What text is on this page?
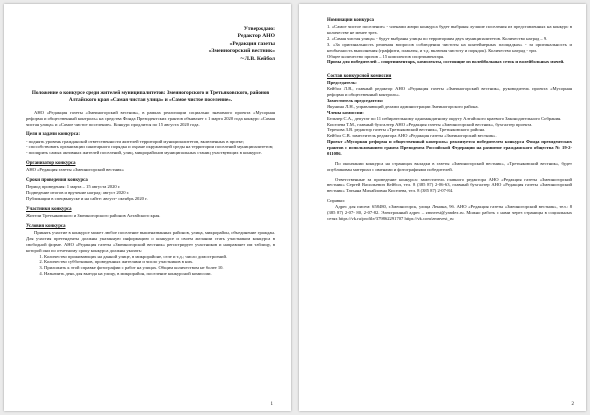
Утверждаю:
Редактор АНО
«Редакция газеты
«Змеиногорский вестник»
~Л.В. Кейбол
Положение о конкурсе среди жителей муниципалитетов: Змеиногорского и Третьяковского, районов Алтайского края «Самая чистая улица» и «Самое чистое поселение».

АНО «Редакция газеты «Змеиногорский вестник», в рамках реализации социально значимого проекта «Мусорная реформа и общественный контроль» на средства Фонда Президентских грантов объявляет с 1 марта 2020 года конкурс «Самая чистая улица» и «Самое чистое поселение». Конкурс продлится по 15 августа 2020 года.

Цели и задачи конкурса:

- поднять уровень гражданской ответственности жителей территорий муниципалитетов, включенных в проект;

- способствовать организации санитарного порядка и охране окружающей среды на территории поселений муниципалитетов;

- поощрить самых активных жителей поселений, улиц, микрорайонов муниципальных станиц участвующих в конкурсе.

Организатор конкурса

АНО «Редакция газеты «Змеиногорский вестник»

Сроки проведения конкурса

Период проведения: 1 марта – 15 августа 2020 г.

Подведение итогов и вручение наград: август 2020 г.

Публикации в спецвыпуске и на сайте: август- октябрь 2020 г.

Участники конкурса

Жители Третьяковского и Змеиногорского районов Алтайского края.

Условия конкурса

Принять участие в конкурсе может любое поселение вышеназванных районов, улица, микрорайон, объединение граждан. Для участия претенденты должны указанную информацию о конкурсе и своем желании стать участником конкурса в свободной форме. АНО «Редакция газеты «Змеиногорский вестник» регистрирует участников и направляет им таблицу, в которой они по отчетному сроку конкурса должны указать:

1. Количество проживающих на данной улице, в микрорайоне, селе и т.д.; число домостроений.
2. Количество субботников, проведенных жителями и число участников в них.
3. Приложить к этой справке фотографии с работ на улицах. Общим количеством не более 10.
4. Назначить день для выезда на улицу, в микрорайон, поселение конкурсной комиссии.
1
Номинации конкурса

1. «Самое чистое поселение» - членами жюри конкурса будет выбраны лучшие поселения из представленных на конкурс в количестве не менее трех.

2. «Самая чистая улица» - будут выбраны улицы по территориям двух муниципалитетов. Количество наград – 9.

3. «За оригинальность решения вопросов соблюдения чистоты на контейнерных площадках» - за оригинальность и необычность выполнения (граффити, плакаты, и т.д. включая чистоту и порядок). Количество наград - три.

Общее количество призов – 15 комплектов спортинвентаря.

Призы для победителей – спортинвентарь, комплекты, состоящие из волейбольных сеток и волейбольных мячей.

Состав конкурсной комиссии

Председатель:

Кейбол Л.В., главный редактор АНО «Редакция газеты «Змеиногорский вестник», руководитель проекта «Мусорная реформа и общественный контроль».

Заместитель председателя:

Якунина Л.Н., управляющий делами администрации Змеиногорского района.

Члены комиссии:

Бельчер С.А., депутат по 11 избирательному одномандатному округу Алтайского краевого Законодательного Собрания.

Киселева Т.М., главный бухгалтер АНО «Редакция газеты «Змеиногорский вестник», бухгалтер проекта.

Терехова З.В. редактор газеты «Третьяковский вестник», Третьяковского района.

Кейбол С.В. заместитель редактора АНО «Редакция газеты «Змеиногорский вестник».

Проект «Мусорная реформа и общественный контроль» реализуется победителем конкурса Фонда президентских грантов с использованием гранта Президента Российской Федерации на развитие гражданского общества № 19-2-011086.

По окончании конкурса на страницах вкладки в газеты «Змеиногорский вестник», «Третьяковский вестник», будет опубликован материал с именами и фотографиями победителей.

Ответственные за проведение конкурса: заместитель главного редактора АНО «Редакция газеты «Змеиногорский вестник» Сергей Васильевич Кейбол, тел. 8 (385 87) 2-06-63, главный бухгалтер АНО «Редакция газеты «Змеиногорский вестник» Татьяна Михайловна Киселева, тел. 8 (385 87) 2-07-84.

Справки:

Адрес для писем: 658480, г.Змеиногорск, улица Ленина, 9б. АНО «Редакция газеты «Змеиногорский вестник», тел.: 8 (385 87) 2-07- 80, 2-07-82. Электронный адрес – zmnvest@yandex.ru. Можно работь с нами через страницы в социальных сетях https://vk.ru/profile/379862291707 https://vk.com/zmnvest_ru

2
